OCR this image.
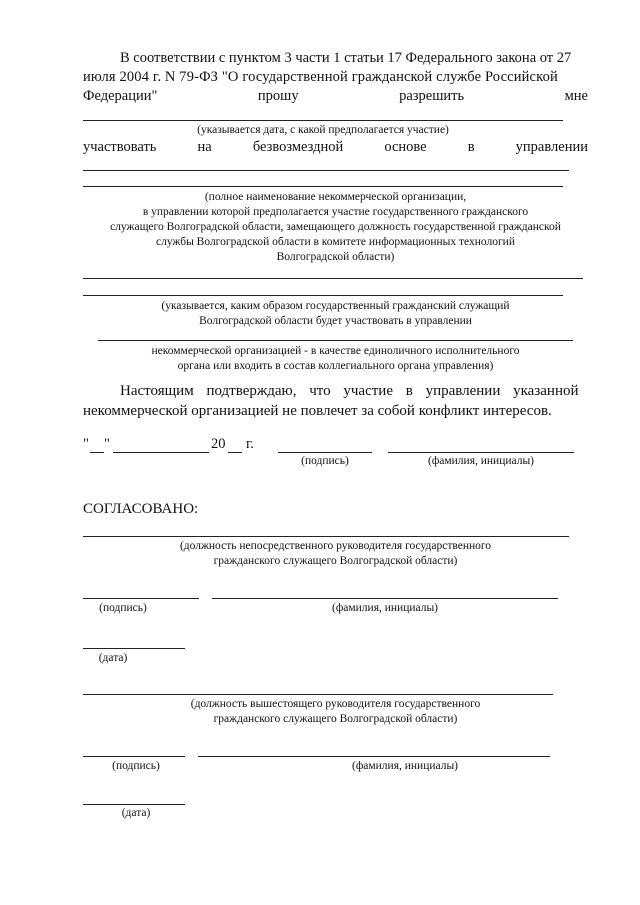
В соответствии с пунктом 3 части 1 статьи 17 Федерального закона от 27
июля 2004 г. N 79-ФЗ "О государственной гражданской службе Российской
Федерации"	прошу	разрешить	мне
(указывается дата, с какой предполагается участие)
участвовать	на	безвозмездной	основе	в	управлении
(полное наименование некоммерческой организации,
в управлении которой предполагается участие государственного гражданского
служащего Волгоградской области, замещающего должность государственной гражданской
службы Волгоградской области в комитете информационных технологий
Волгоградской области)
(указывается, каким образом государственный гражданский служащий
Волгоградской области будет участвовать в управлении
некоммерческой организацией - в качестве единоличного исполнительного
органа или входить в состав коллегиального органа управления)
Настоящим подтверждаю, что участие в управлении указанной
некоммерческой организацией не повлечет за собой конфликт интересов.
" "	20 г.
(подпись)	(фамилия, инициалы)
СОГЛАСОВАНО:
(должность непосредственного руководителя государственного
гражданского служащего Волгоградской области)
(подпись)	(фамилия, инициалы)
(дата)
(должность вышестоящего руководителя государственного
гражданского служащего Волгоградской области)
(подпись)	(фамилия, инициалы)
(дата)
